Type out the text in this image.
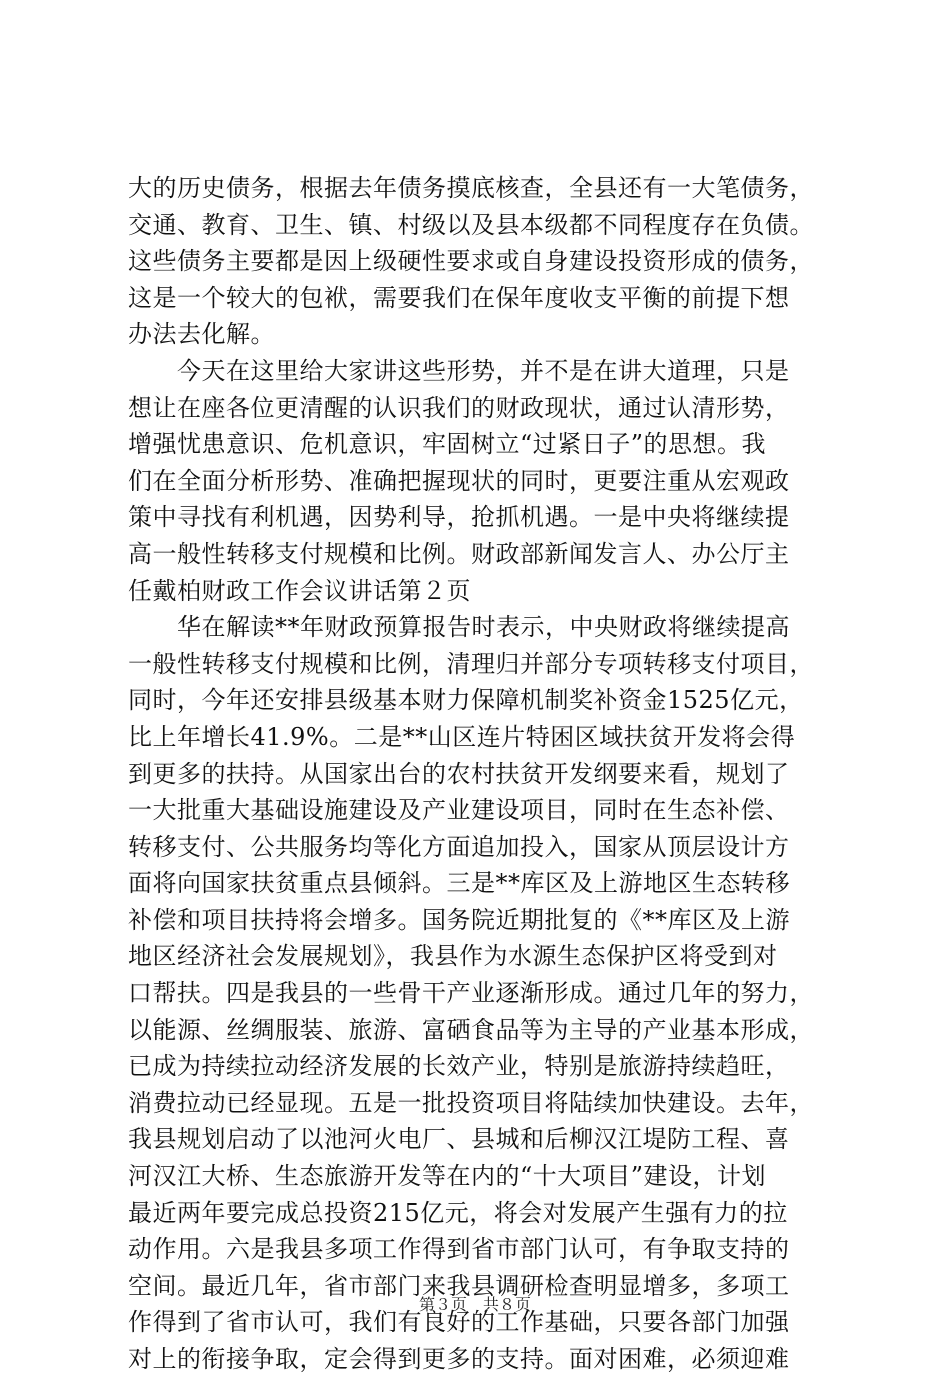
大的历史债务，根据去年债务摸底核查，全县还有一大笔债务，
交通、教育、卫生、镇、村级以及县本级都不同程度存在负债。
这些债务主要都是因上级硬性要求或自身建设投资形成的债务，
这是一个较大的包袱，需要我们在保年度收支平衡的前提下想
办法去化解。
　　今天在这里给大家讲这些形势，并不是在讲大道理，只是
想让在座各位更清醒的认识我们的财政现状，通过认清形势，
增强忧患意识、危机意识，牢固树立“过紧日子”的思想。我
们在全面分析形势、准确把握现状的同时，更要注重从宏观政
策中寻找有利机遇，因势利导，抢抓机遇。一是中央将继续提
高一般性转移支付规模和比例。财政部新闻发言人、办公厅主
任戴柏财政工作会议讲话第２页
　　华在解读**年财政预算报告时表示，中央财政将继续提高
一般性转移支付规模和比例，清理归并部分专项转移支付项目，
同时，今年还安排县级基本财力保障机制奖补资金1525亿元，
比上年增长41.9%。二是**山区连片特困区域扶贫开发将会得
到更多的扶持。从国家出台的农村扶贫开发纲要来看，规划了
一大批重大基础设施建设及产业建设项目，同时在生态补偿、
转移支付、公共服务均等化方面追加投入，国家从顶层设计方
面将向国家扶贫重点县倾斜。三是**库区及上游地区生态转移
补偿和项目扶持将会增多。国务院近期批复的《**库区及上游
地区经济社会发展规划》，我县作为水源生态保护区将受到对
口帮扶。四是我县的一些骨干产业逐渐形成。通过几年的努力，
以能源、丝绸服装、旅游、富硒食品等为主导的产业基本形成，
已成为持续拉动经济发展的长效产业，特别是旅游持续趋旺，
消费拉动已经显现。五是一批投资项目将陆续加快建设。去年，
我县规划启动了以池河火电厂、县城和后柳汉江堤防工程、喜
河汉江大桥、生态旅游开发等在内的“十大项目”建设，计划
最近两年要完成总投资215亿元，将会对发展产生强有力的拉
动作用。六是我县多项工作得到省市部门认可，有争取支持的
空间。最近几年，省市部门来我县调研检查明显增多，多项工
作得到了省市认可，我们有良好的工作基础，只要各部门加强
对上的衔接争取，定会得到更多的支持。面对困难，必须迎难
第３页　共８页
